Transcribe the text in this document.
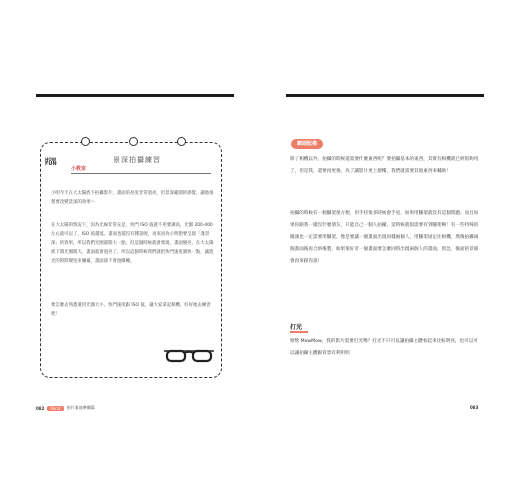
HOW
FUN
小教室
景深拍攝練習
小明今天在大太陽底下拍攝影片，畫面的亮度非常過亮，但景深範圍的感覺，讓他很想要改變景深的效果～
在大太陽的情況下，因為光線非常充足，快門 ISO 值就不用要調高，光圈 200-400 左右就可以了，ISO 值越低，畫面也越沒有雜訊喔，再來因為小明想要呈現「淺景深」的效果，所以我們光圈就開大一點，但這個時候就會發現，畫面變亮，在大太陽底下開光圈開大，畫面就會過亮了，所以這個時候我們就把快門速度調快一點，讓進光的時間變短來彌補，畫面就不會過曝囉。
要怎麼去熟悉運用光圈大小、快門速度跟 ISO 值，讓大家拿起相機，好好地去練習吧！
鏡頭配備
除了相機以外，拍攝的時候還需要什麼東西呢？要拍攝基本的東西，其實有相機就已經很夠用了，但是我，還要再更強，為了讓影片更上層樓，我們就需要其他東西來輔助！
拍攝的時候有一個腳架很方便，用手持很多時候會手晃，如果用腳架就沒有這個問題。而且如果你跟我一樣沒什麼朋友，只能自己一個人拍攝，這時候就很需要有到腳架啊！有一些特殊的鏡頭也一定需要用腳架，像是要讓一個畫面出現同樣兩個人，用腳架固定住相機，然後拍攝兩個畫面後再合併後製，如果很好奇一個畫面要怎麼同時出現兩個人的畫面，別急，後面的章節會再來跟你說！
打光
欸欸 MowMow，我的影片需要打光嗎？打光不只可以讓拍攝主體看起來比較明亮，也可以可以讓拍攝主體跟背景有利用明
082	Part2	拍片事前準備篇	083
